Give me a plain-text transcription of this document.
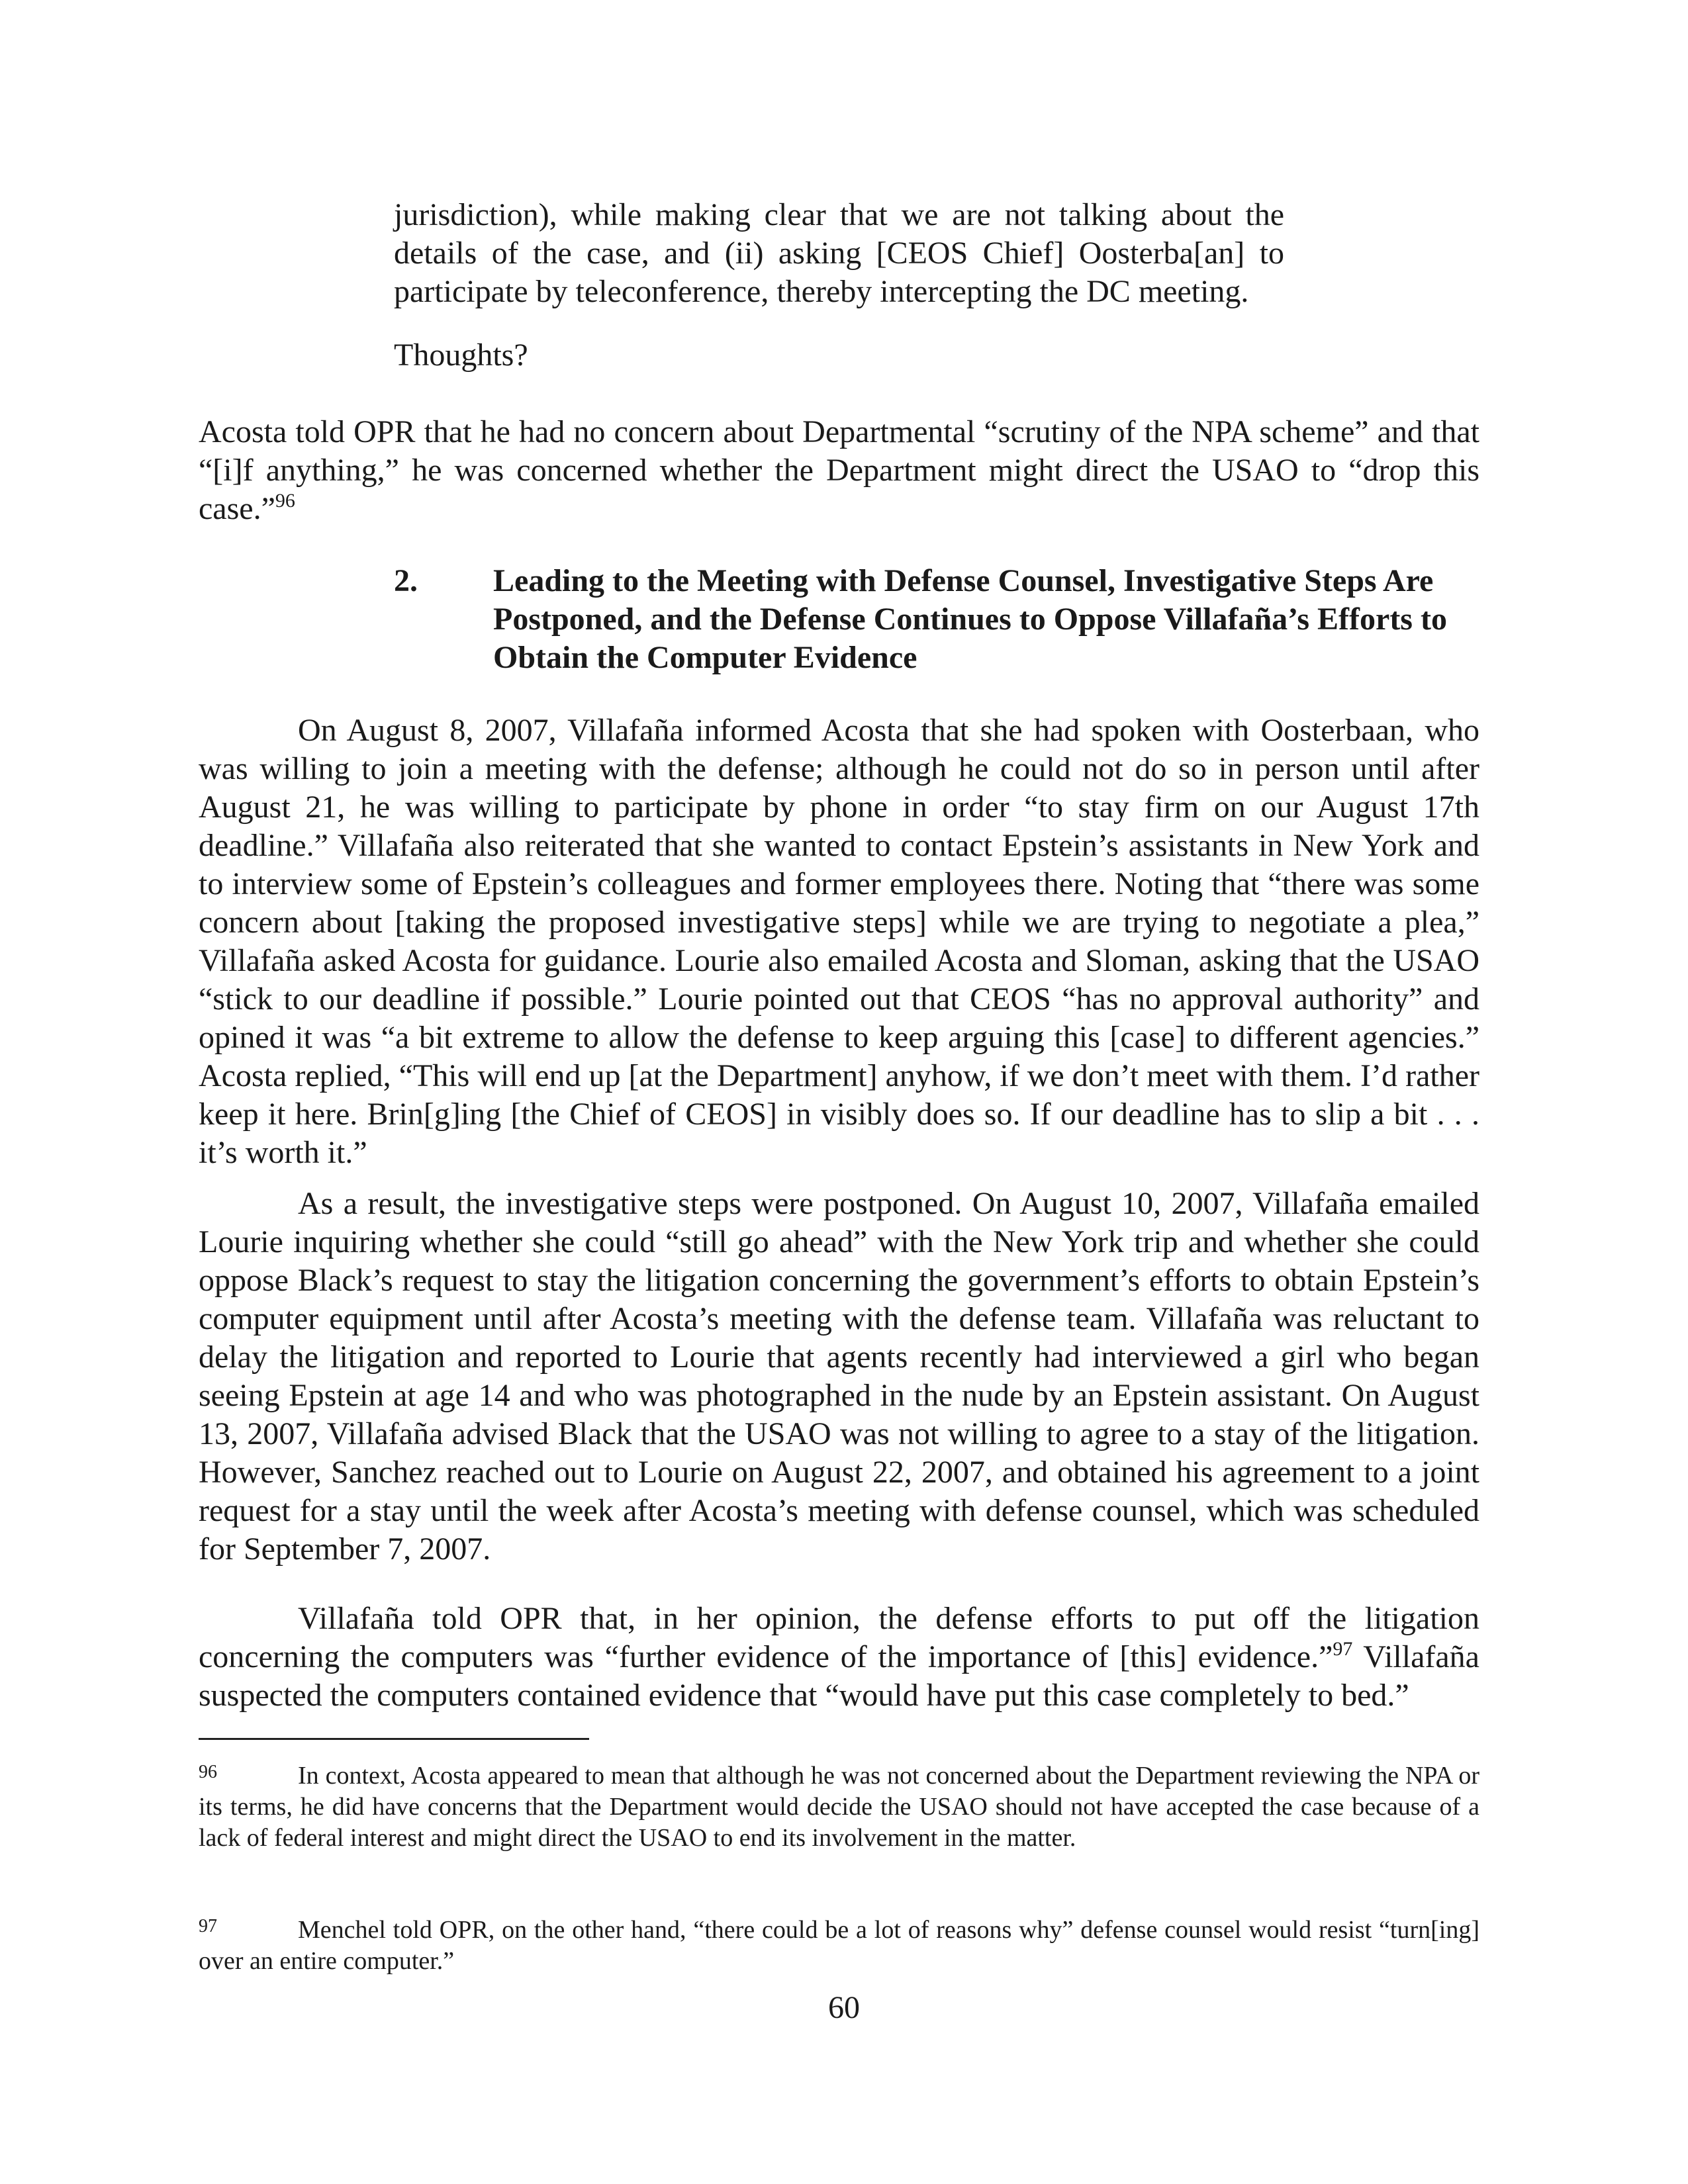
jurisdiction), while making clear that we are not talking about the details of the case, and (ii) asking [CEOS Chief] Oosterba[an] to participate by teleconference, thereby intercepting the DC meeting.

Thoughts?

Acosta told OPR that he had no concern about Departmental “scrutiny of the NPA scheme” and that “[i]f anything,” he was concerned whether the Department might direct the USAO to “drop this case.”$^{96}$

2. Leading to the Meeting with Defense Counsel, Investigative Steps Are Postponed, and the Defense Continues to Oppose Villafaña’s Efforts to Obtain the Computer Evidence

On August 8, 2007, Villafaña informed Acosta that she had spoken with Oosterbaan, who was willing to join a meeting with the defense; although he could not do so in person until after August 21, he was willing to participate by phone in order “to stay firm on our August 17th deadline.” Villafaña also reiterated that she wanted to contact Epstein’s assistants in New York and to interview some of Epstein’s colleagues and former employees there. Noting that “there was some concern about [taking the proposed investigative steps] while we are trying to negotiate a plea,” Villafaña asked Acosta for guidance. Lourie also emailed Acosta and Sloman, asking that the USAO “stick to our deadline if possible.” Lourie pointed out that CEOS “has no approval authority” and opined it was “a bit extreme to allow the defense to keep arguing this [case] to different agencies.” Acosta replied, “This will end up [at the Department] anyhow, if we don’t meet with them. I’d rather keep it here. Brin[g]ing [the Chief of CEOS] in visibly does so. If our deadline has to slip a bit . . . it’s worth it.”

As a result, the investigative steps were postponed. On August 10, 2007, Villafaña emailed Lourie inquiring whether she could “still go ahead” with the New York trip and whether she could oppose Black’s request to stay the litigation concerning the government’s efforts to obtain Epstein’s computer equipment until after Acosta’s meeting with the defense team. Villafaña was reluctant to delay the litigation and reported to Lourie that agents recently had interviewed a girl who began seeing Epstein at age 14 and who was photographed in the nude by an Epstein assistant. On August 13, 2007, Villafaña advised Black that the USAO was not willing to agree to a stay of the litigation. However, Sanchez reached out to Lourie on August 22, 2007, and obtained his agreement to a joint request for a stay until the week after Acosta’s meeting with defense counsel, which was scheduled for September 7, 2007.

Villafaña told OPR that, in her opinion, the defense efforts to put off the litigation concerning the computers was “further evidence of the importance of [this] evidence.”$^{97}$ Villafaña suspected the computers contained evidence that “would have put this case completely to bed.”

96	In context, Acosta appeared to mean that although he was not concerned about the Department reviewing the NPA or its terms, he did have concerns that the Department would decide the USAO should not have accepted the case because of a lack of federal interest and might direct the USAO to end its involvement in the matter.

97	Menchel told OPR, on the other hand, “there could be a lot of reasons why” defense counsel would resist “turn[ing] over an entire computer.”

60
